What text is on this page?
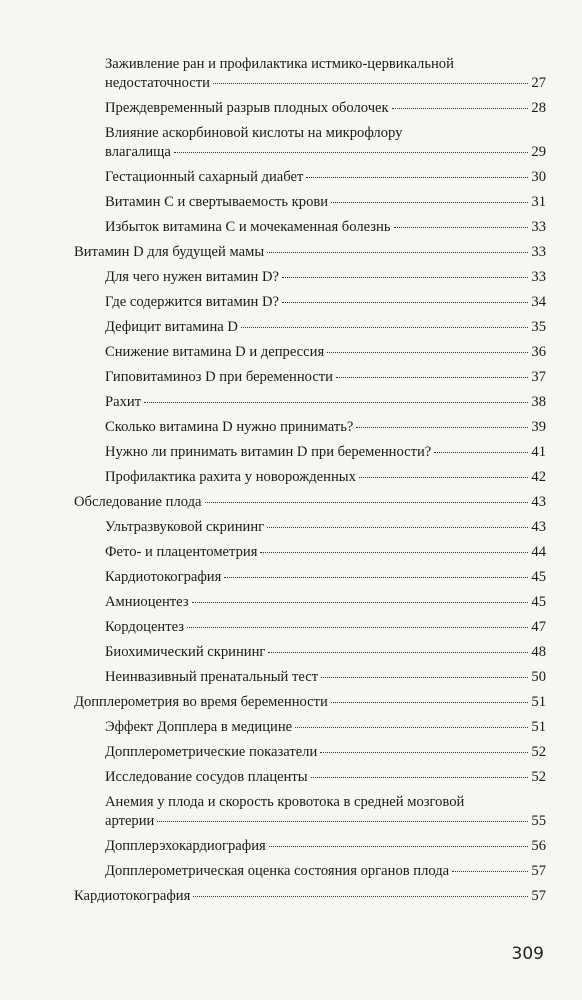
Заживление ран и профилактика истмико-цервикальной
недостаточности	27
Преждевременный разрыв плодных оболочек	28
Влияние аскорбиновой кислоты на микрофлору
влагалища	29
Гестационный сахарный диабет	30
Витамин С и свертываемость крови	31
Избыток витамина С и мочекаменная болезнь	33
Витамин D для будущей мамы	33
Для чего нужен витамин D?	33
Где содержится витамин D?	34
Дефицит витамина D	35
Снижение витамина D и депрессия	36
Гиповитаминоз D при беременности	37
Рахит	38
Сколько витамина D нужно принимать?	39
Нужно ли принимать витамин D при беременности?	41
Профилактика рахита у новорожденных	42
Обследование плода	43
Ультразвуковой скрининг	43
Фето- и плацентометрия	44
Кардиотокография	45
Амниоцентез	45
Кордоцентез	47
Биохимический скрининг	48
Неинвазивный пренатальный тест	50
Допплерометрия во время беременности	51
Эффект Допплера в медицине	51
Допплерометрические показатели	52
Исследование сосудов плаценты	52
Анемия у плода и скорость кровотока в средней мозговой
артерии	55
Допплерэхокардиография	56
Допплерометрическая оценка состояния органов плода	57
Кардиотокография	57
309
